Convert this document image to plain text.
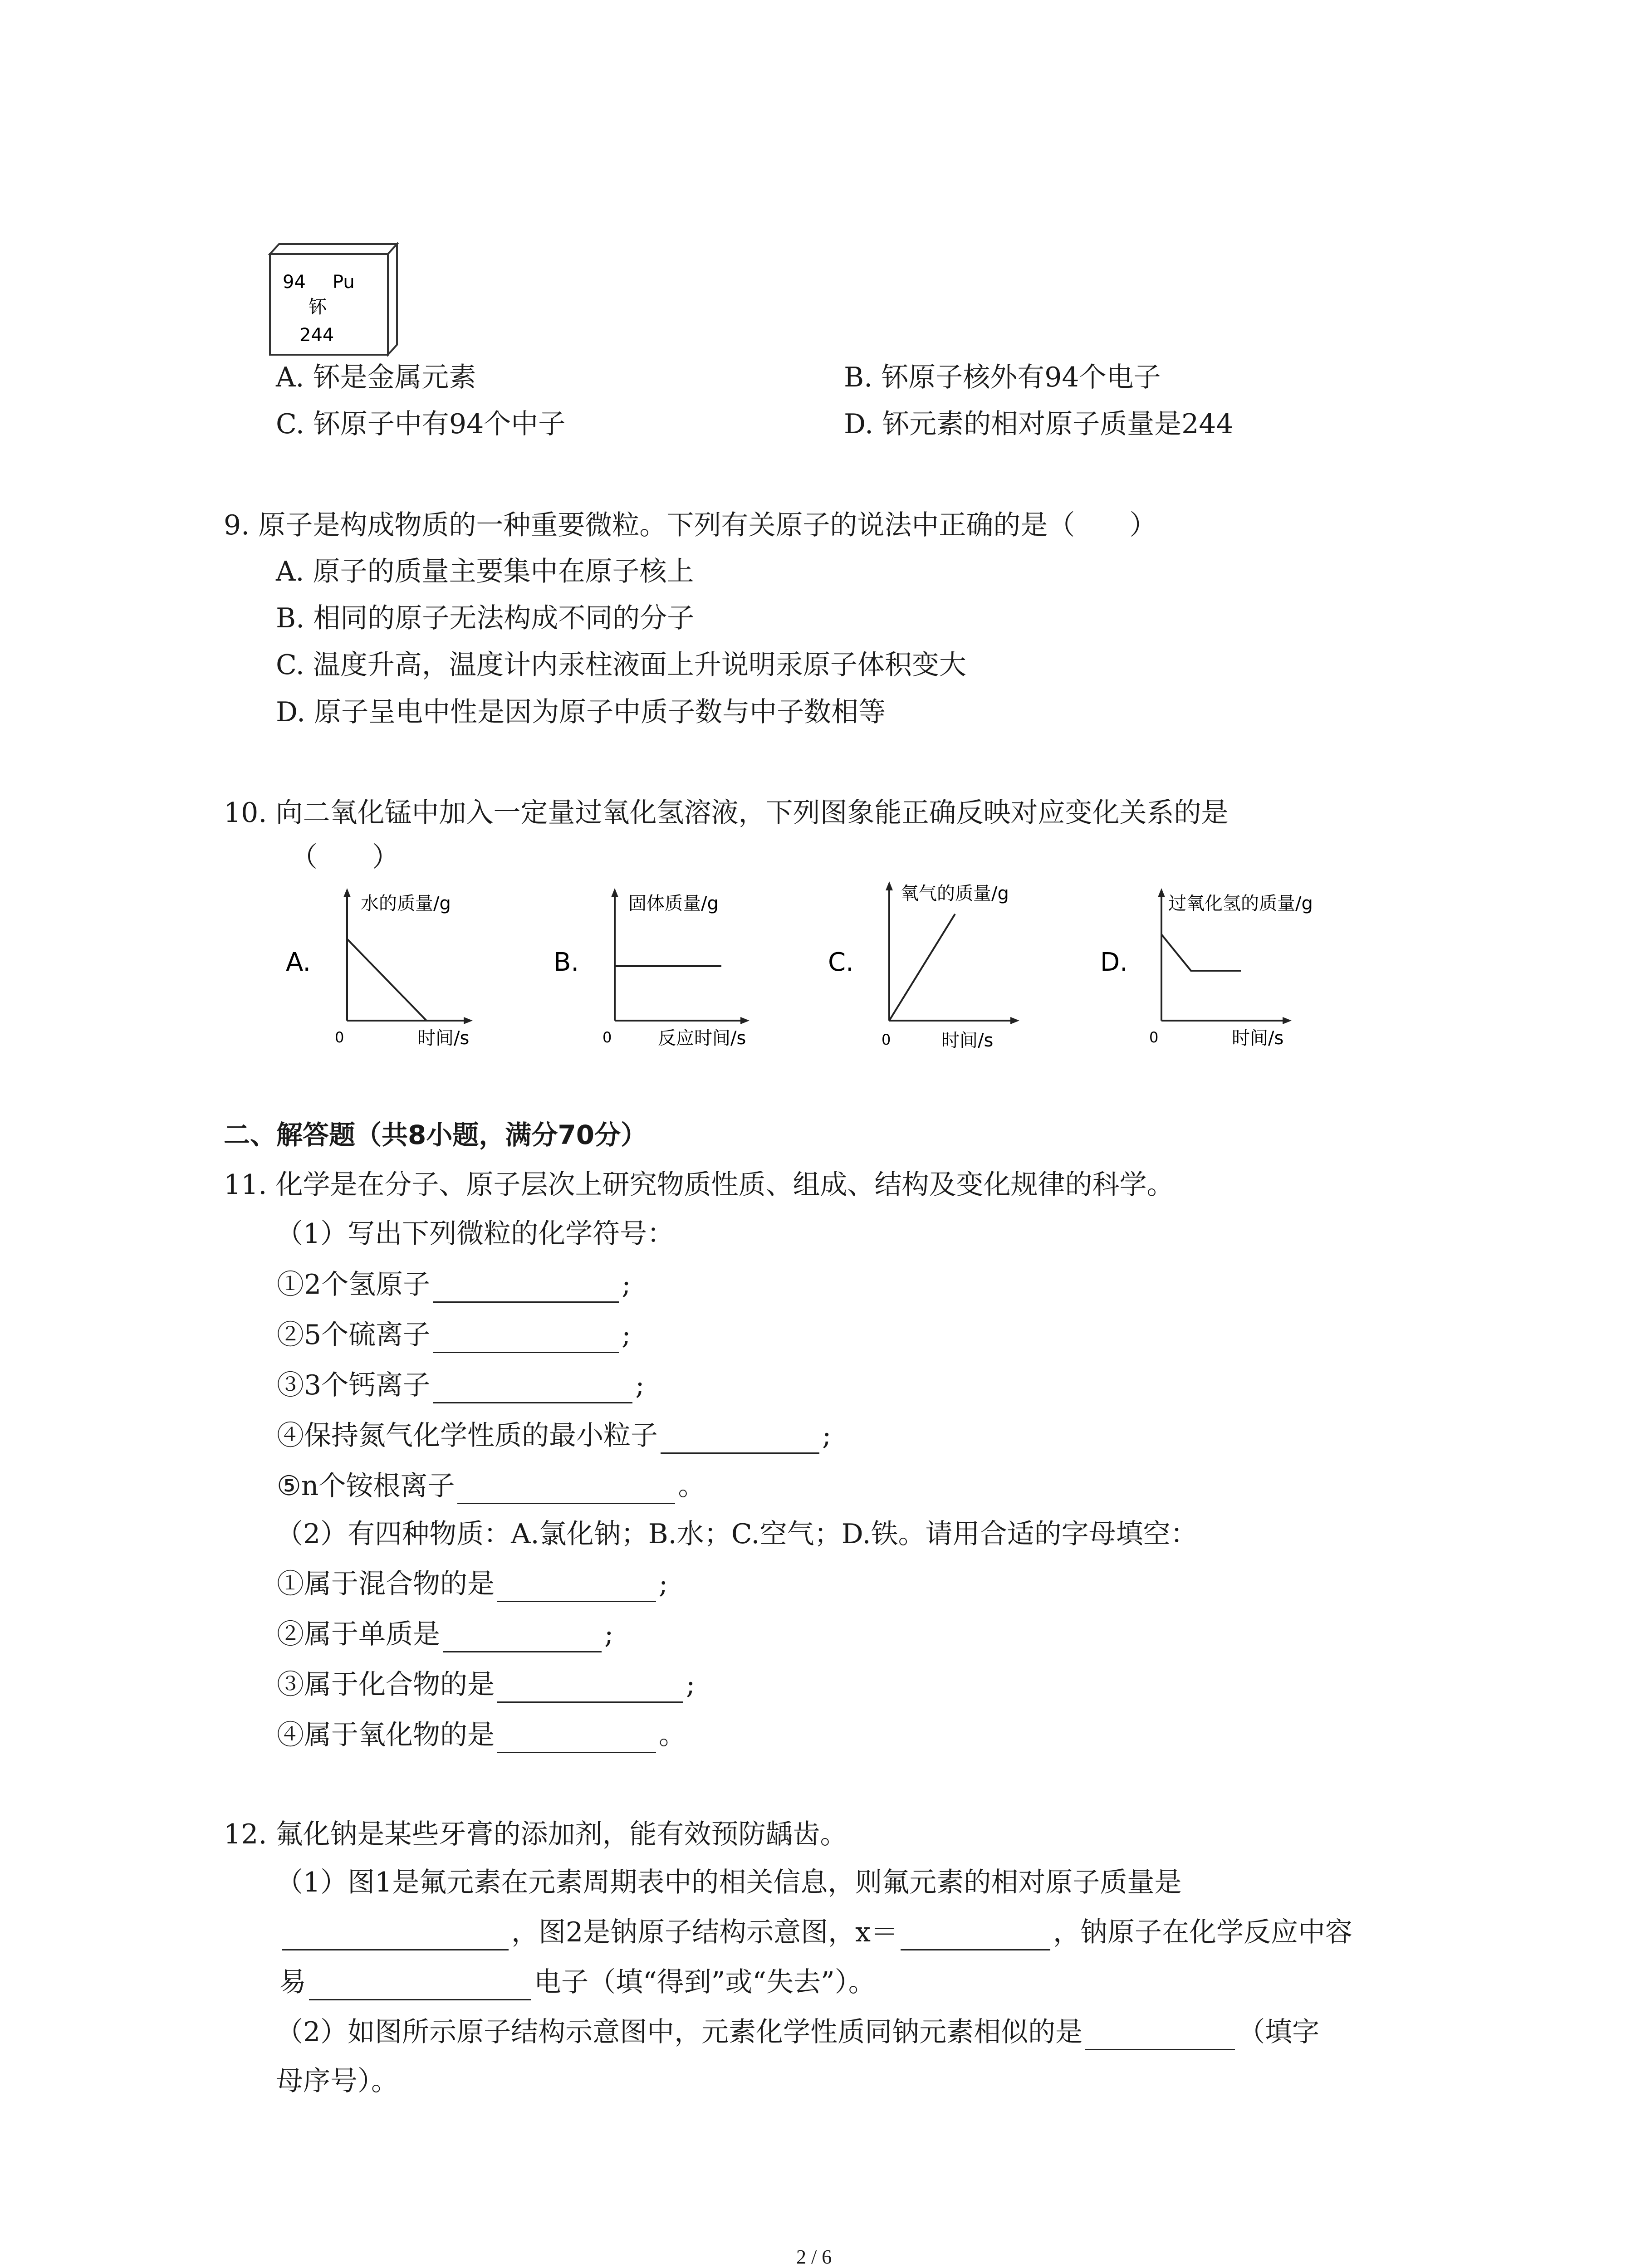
94 Pu
钚
244
A. 钚是金属元素	B. 钚原子核外有94个电子
C. 钚原子中有94个中子	D. 钚元素的相对原子质量是244
9. 原子是构成物质的一种重要微粒。下列有关原子的说法中正确的是（　　）
A. 原子的质量主要集中在原子核上
B. 相同的原子无法构成不同的分子
C. 温度升高，温度计内汞柱液面上升说明汞原子体积变大
D. 原子呈电中性是因为原子中质子数与中子数相等
10. 向二氧化锰中加入一定量过氧化氢溶液，下列图象能正确反映对应变化关系的是
（　　）
A.
水的质量/g
时间/s
0
B.
固体质量/g
反应时间/s
0
C.
氧气的质量/g
时间/s
0
D.
过氧化氢的质量/g
时间/s
0
二、解答题（共8小题，满分70分）
11. 化学是在分子、原子层次上研究物质性质、组成、结构及变化规律的科学。
（1）写出下列微粒的化学符号：
①2个氢原子	;
②5个硫离子	;
③3个钙离子	;
④保持氮气化学性质的最小粒子	;
⑤n个铵根离子	。
（2）有四种物质：A.氯化钠；B.水；C.空气；D.铁。请用合适的字母填空：
①属于混合物的是	;
②属于单质是	;
③属于化合物的是	;
④属于氧化物的是	。
12. 氟化钠是某些牙膏的添加剂，能有效预防龋齿。
（1）图1是氟元素在元素周期表中的相关信息，则氟元素的相对原子质量是
，图2是钠原子结构示意图，x＝	，钠原子在化学反应中容
易	电子（填“得到”或“失去”）。
（2）如图所示原子结构示意图中，元素化学性质同钠元素相似的是	（填字
母序号）。
2 / 6
